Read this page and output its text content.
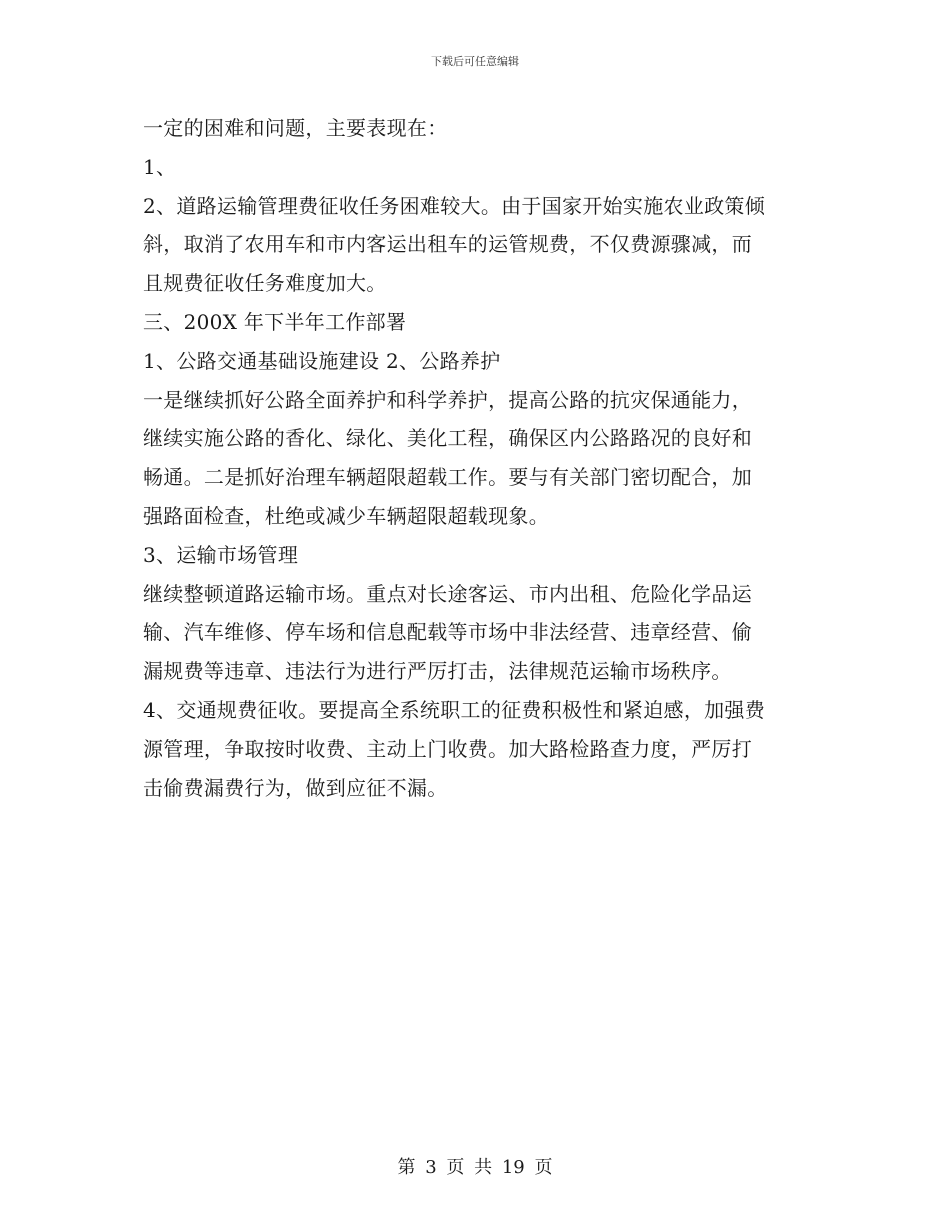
下载后可任意编辑
一定的困难和问题，主要表现在：
1、
2、道路运输管理费征收任务困难较大。由于国家开始实施农业政策倾
斜，取消了农用车和市内客运出租车的运管规费，不仅费源骤减，而
且规费征收任务难度加大。
三、200X 年下半年工作部署
1、公路交通基础设施建设 2、公路养护
一是继续抓好公路全面养护和科学养护，提高公路的抗灾保通能力，
继续实施公路的香化、绿化、美化工程，确保区内公路路况的良好和
畅通。二是抓好治理车辆超限超载工作。要与有关部门密切配合，加
强路面检查，杜绝或减少车辆超限超载现象。
3、运输市场管理
继续整顿道路运输市场。重点对长途客运、市内出租、危险化学品运
输、汽车维修、停车场和信息配载等市场中非法经营、违章经营、偷
漏规费等违章、违法行为进行严厉打击，法律规范运输市场秩序。
4、交通规费征收。要提高全系统职工的征费积极性和紧迫感，加强费
源管理，争取按时收费、主动上门收费。加大路检路查力度，严厉打
击偷费漏费行为，做到应征不漏。
第 3 页 共 19 页
